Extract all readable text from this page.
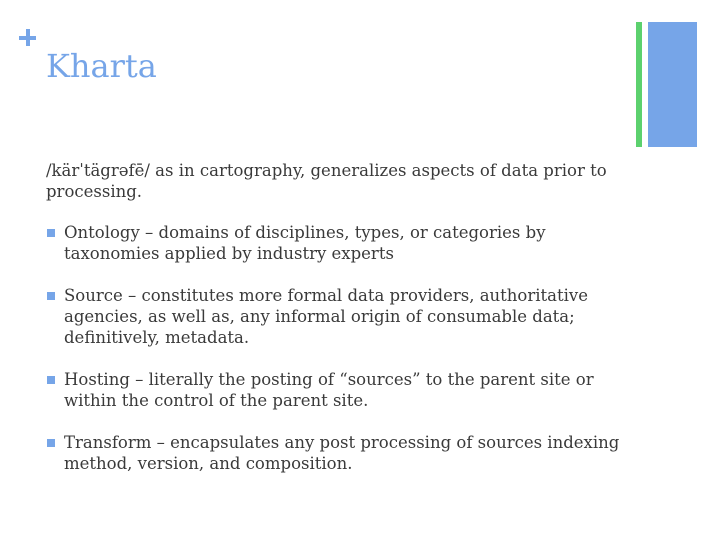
Kharta

/kärˈtägrəfē/ as in cartography, generalizes aspects of data prior to processing.

Ontology – domains of disciplines, types, or categories by taxonomies applied by industry experts
Source – constitutes more formal data providers, authoritative agencies, as well as, any informal origin of consumable data; definitively, metadata.
Hosting – literally the posting of “sources” to the parent site or within the control of the parent site.
Transform – encapsulates any post processing of sources indexing method, version, and composition.
